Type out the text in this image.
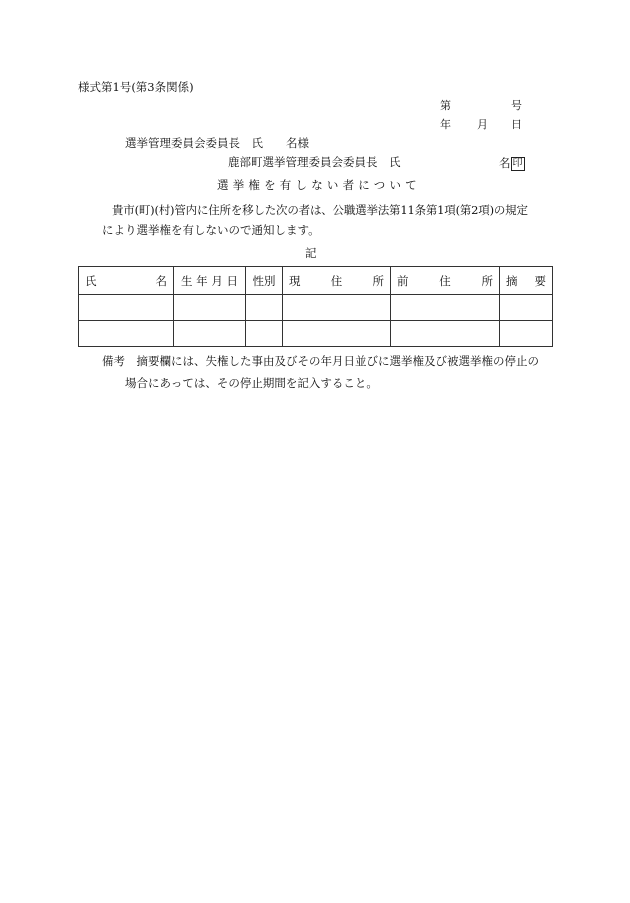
様式第1号(第3条関係)
第	号
年 月 日
選挙管理委員会委員長　氏　　名様
鹿部町選挙管理委員会委員長　氏	名 印
選挙権を有しない者について
貴市(町)(村)管内に住所を移した次の者は、公職選挙法第11条第1項(第2項)の規定
により選挙権を有しないので通知します。
記
氏 名	生 年 月 日	性別	現 住 所	前 住 所	摘 要

備考　摘要欄には、失権した事由及びその年月日並びに選挙権及び被選挙権の停止の
場合にあっては、その停止期間を記入すること。
